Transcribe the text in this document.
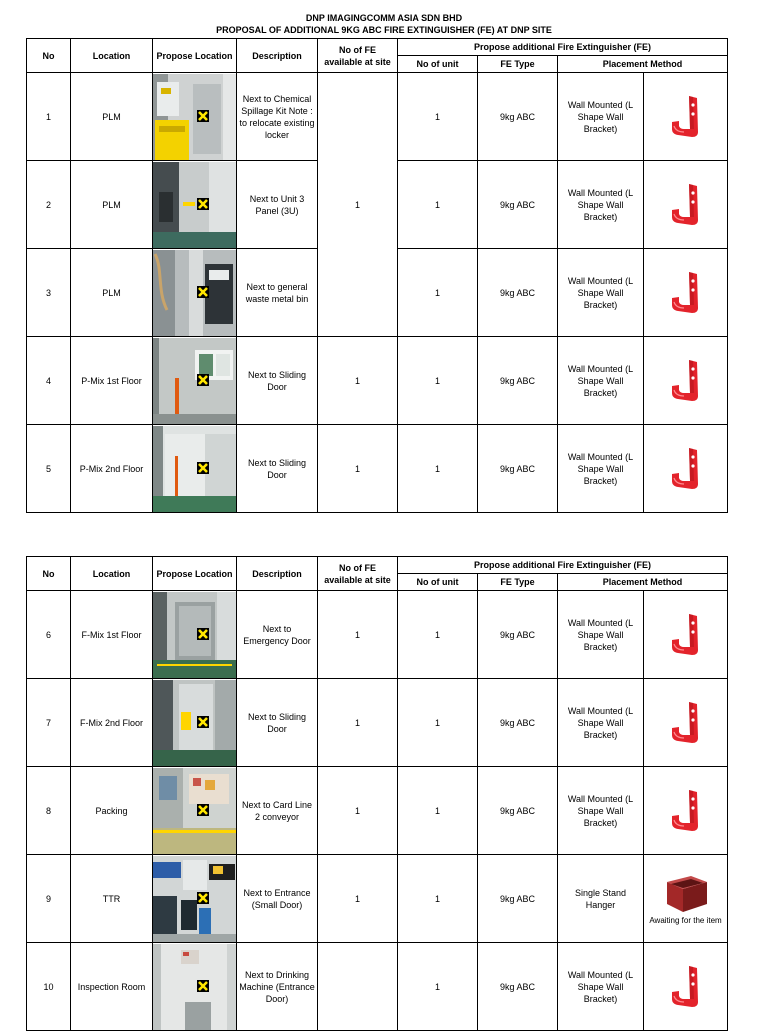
DNP IMAGINGCOMM ASIA SDN BHD
PROPOSAL OF ADDITIONAL 9KG ABC FIRE EXTINGUISHER (FE) AT DNP SITE
No	Location	Propose Location	Description	No of FE available at site	Propose additional Fire Extinguisher (FE)			
					No of unit	FE Type	Placement Method	
1	PLM		Next to Chemical Spillage Kit Note : to relocate existing locker	1	1	9kg ABC	Wall Mounted (L Shape Wall Bracket)	
2	PLM		Next to Unit 3 Panel (3U)		1	9kg ABC	Wall Mounted (L Shape Wall Bracket)	
3	PLM		Next to general waste metal bin		1	9kg ABC	Wall Mounted (L Shape Wall Bracket)	
4	P-Mix 1st Floor		Next to Sliding Door	1	1	9kg ABC	Wall Mounted (L Shape Wall Bracket)	
5	P-Mix 2nd Floor		Next to Sliding Door	1	1	9kg ABC	Wall Mounted (L Shape Wall Bracket)	
No	Location	Propose Location	Description	No of FE available at site	Propose additional Fire Extinguisher (FE)			
					No of unit	FE Type	Placement Method	
6	F-Mix 1st Floor		Next to Emergency Door	1	1	9kg ABC	Wall Mounted (L Shape Wall Bracket)	
7	F-Mix 2nd Floor		Next to Sliding Door	1	1	9kg ABC	Wall Mounted (L Shape Wall Bracket)	
8	Packing		Next to Card Line 2 conveyor	1	1	9kg ABC	Wall Mounted (L Shape Wall Bracket)	
9	TTR		Next to Entrance (Small Door)	1	1	9kg ABC	Single Stand Hanger	Awaiting for the item

10	Inspection Room		Next to Drinking Machine (Entrance Door)		1	9kg ABC	Wall Mounted (L Shape Wall Bracket)	
